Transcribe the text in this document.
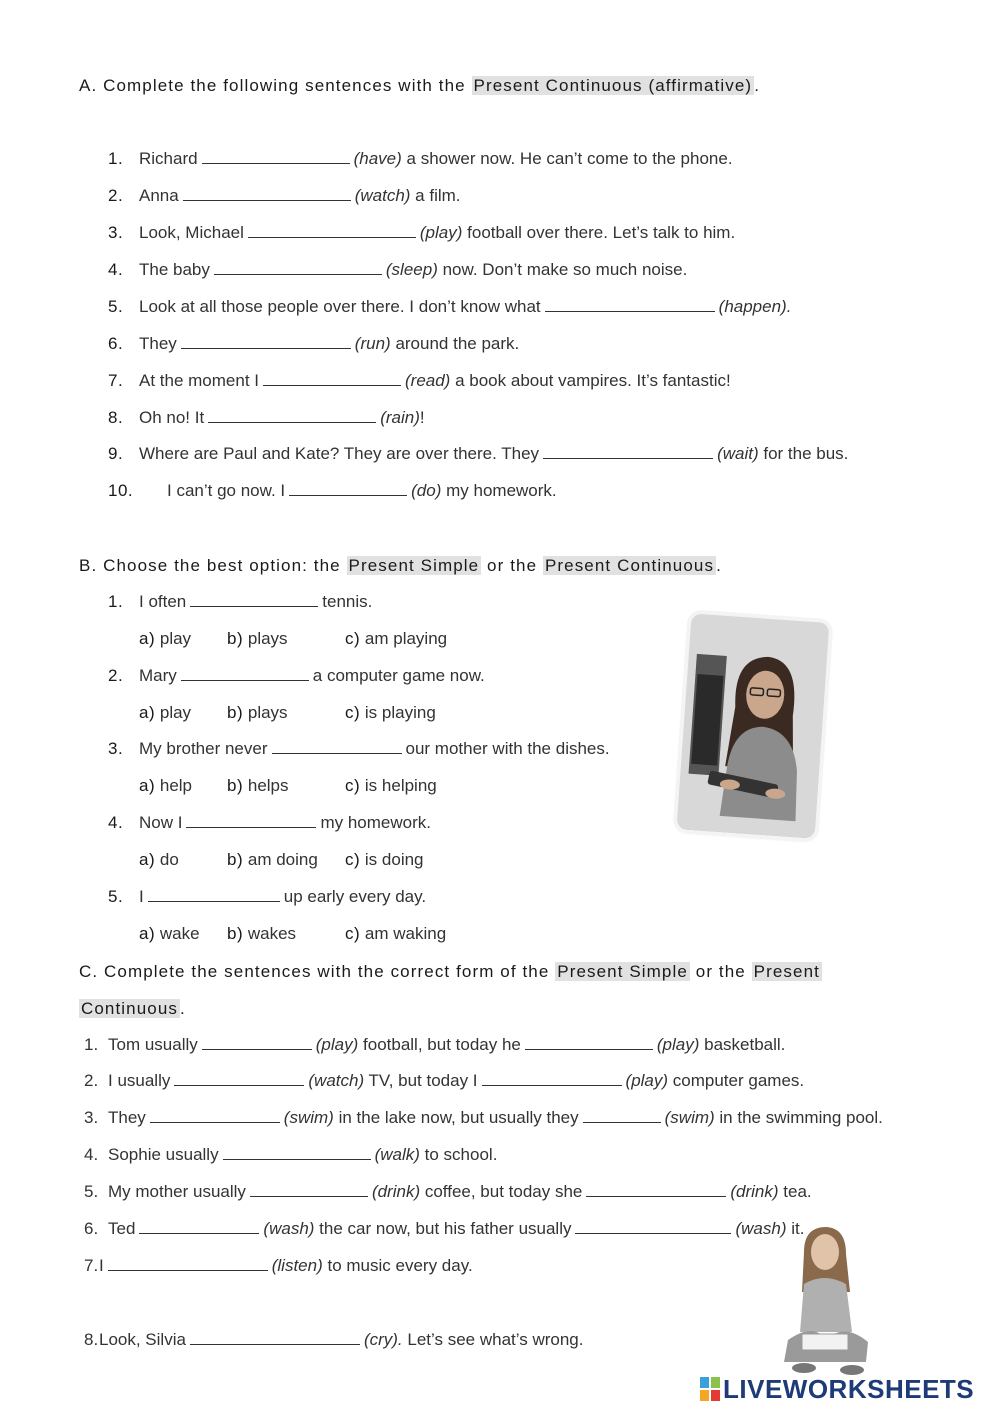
A. Complete the following sentences with the Present Continuous (affirmative) .
1. Richard	(have) a shower now. He can’t come to the phone.
2. Anna	(watch) a film.
3. Look, Michael	(play) football over there. Let’s talk to him.
4. The baby	(sleep) now. Don’t make so much noise.
5. Look at all those people over there. I don’t know what	(happen).
6. They	(run) around the park.
7. At the moment I	(read) a book about vampires. It’s fantastic!
8. Oh no! It	(rain)!
9. Where are Paul and Kate? They are over there. They	(wait) for the bus.
10. I can’t go now. I	(do) my homework.
B. Choose the best option: the Present Simple or the Present Continuous .
1. I often	tennis.
a) play b) plays	c) am playing
2. Mary	a computer game now.
a) play b) plays	c) is playing
3. My brother never	our mother with the dishes.
a) help b) helps	c) is helping
4. Now I	my homework.
a) do	b) am doing c) is doing
5. I	up early every day.
a) wake b) wakes	c) am waking
C. Complete the sentences with the correct form of the Present Simple or the Present
Continuous .
1. Tom usually	(play) football, but today he	(play) basketball.
2. I usually	(watch) TV, but today I	(play) computer games.
3. They	(swim) in the lake now, but usually they	(swim) in the swimming pool.
4. Sophie usually	(walk) to school.
5. My mother usually	(drink) coffee, but today she	(drink) tea.
6. Ted	(wash) the car now, but his father usually	(wash) it.
7. I	(listen) to music every day.
8. Look, Silvia	(cry). Let’s see what’s wrong.
LIVEWORKSHEETS
